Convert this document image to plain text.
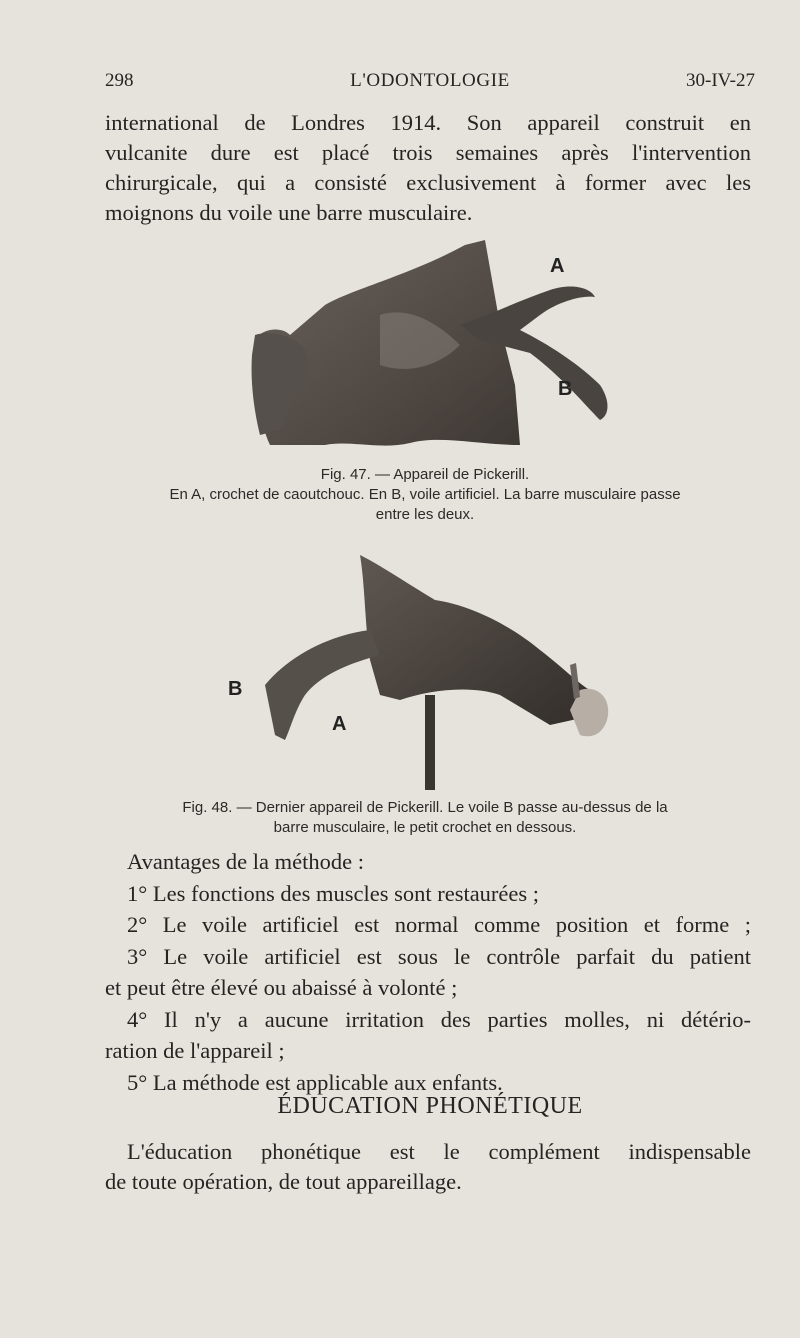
298	L'ODONTOLOGIE	30-IV-27

international de Londres 1914. Son appareil construit en
vulcanite dure est placé trois semaines après l'intervention
chirurgicale, qui a consisté exclusivement à former avec les
moignons du voile une barre musculaire.

A
B

Fig. 47. — Appareil de Pickerill.
En A, crochet de caoutchouc. En B, voile artificiel. La barre musculaire passe
entre les deux.

B
A

Fig. 48. — Dernier appareil de Pickerill. Le voile B passe au-dessus de la
barre musculaire, le petit crochet en dessous.

Avantages de la méthode :
1° Les fonctions des muscles sont restaurées ;
2° Le voile artificiel est normal comme position et forme ;
3° Le voile artificiel est sous le contrôle parfait du patient
et peut être élevé ou abaissé à volonté ;
4° Il n'y a aucune irritation des parties molles, ni détério-
ration de l'appareil ;
5° La méthode est applicable aux enfants.

ÉDUCATION PHONÉTIQUE

L'éducation phonétique est le complément indispensable
de toute opération, de tout appareillage.
